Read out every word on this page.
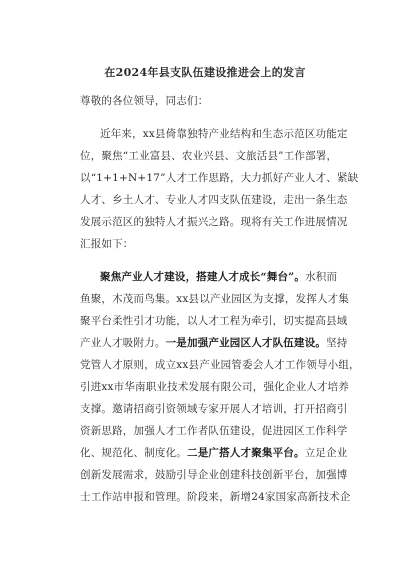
在2024年县支队伍建设推进会上的发言
尊敬的各位领导，同志们：
近年来，xx县倚靠独特产业结构和生态示范区功能定
位，聚焦“工业富县、农业兴县、文旅活县”工作部署，
以“1+1+N+17”人才工作思路，大力抓好产业人才、紧缺
人才、乡土人才、专业人才四支队伍建设，走出一条生态
发展示范区的独特人才振兴之路。现将有关工作进展情况
汇报如下：
聚焦产业人才建设，搭建人才成长“舞台”。水积而
鱼聚，木茂而鸟集。xx县以产业园区为支撑，发挥人才集
聚平台柔性引才功能，以人才工程为牵引，切实提高县域
产业人才吸附力。一是加强产业园区人才队伍建设。坚持
党管人才原则，成立xx县产业园管委会人才工作领导小组，
引进xx市华南职业技术发展有限公司，强化企业人才培养
支撑。邀请招商引资领域专家开展人才培训，打开招商引
资新思路，加强人才工作者队伍建设，促进园区工作科学
化、规范化、制度化。二是广搭人才聚集平台。立足企业
创新发展需求，鼓励引导企业创建科技创新平台，加强博
士工作站申报和管理。阶段来，新增24家国家高新技术企
